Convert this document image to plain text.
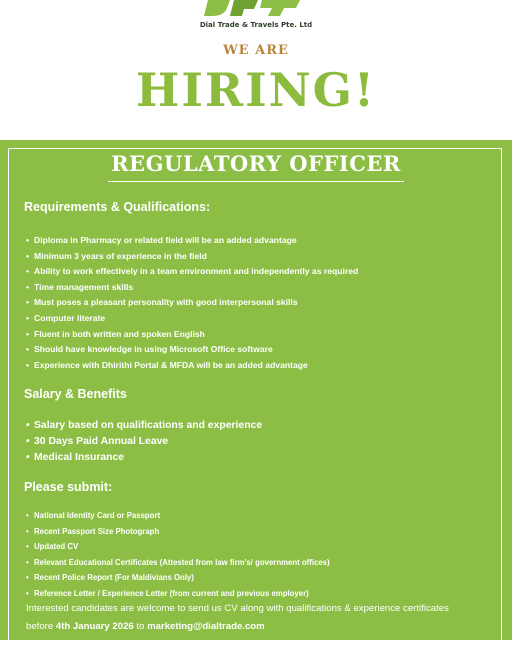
Dial Trade & Travels Pte. Ltd
WE ARE
HIRING!
REGULATORY OFFICER
Requirements & Qualifications:
• Diploma in Pharmacy or related field will be an added advantage
• Minimum 3 years of experience in the field
• Ability to work effectively in a team environment and independently as required
• Time management skills
• Must poses a pleasant personality with good interpersonal skills
• Computer literate
• Fluent in both written and spoken English
• Should have knowledge in using Microsoft Office software
• Experience with Dhirithi Portal & MFDA will be an added advantage
Salary & Benefits
• Salary based on qualifications and experience
• 30 Days Paid Annual Leave
• Medical Insurance
Please submit:
• National Identity Card or Passport
• Recent Passport Size Photograph
• Updated CV
• Relevant Educational Certificates (Attested from law firm's/ government offices)
• Recent Police Report (For Maldivians Only)
• Reference Letter / Experience Letter (from current and previous employer)
Interested candidates are welcome to send us CV along with qualifications & experience certificates
before 4th January 2026 to marketing@dialtrade.com
